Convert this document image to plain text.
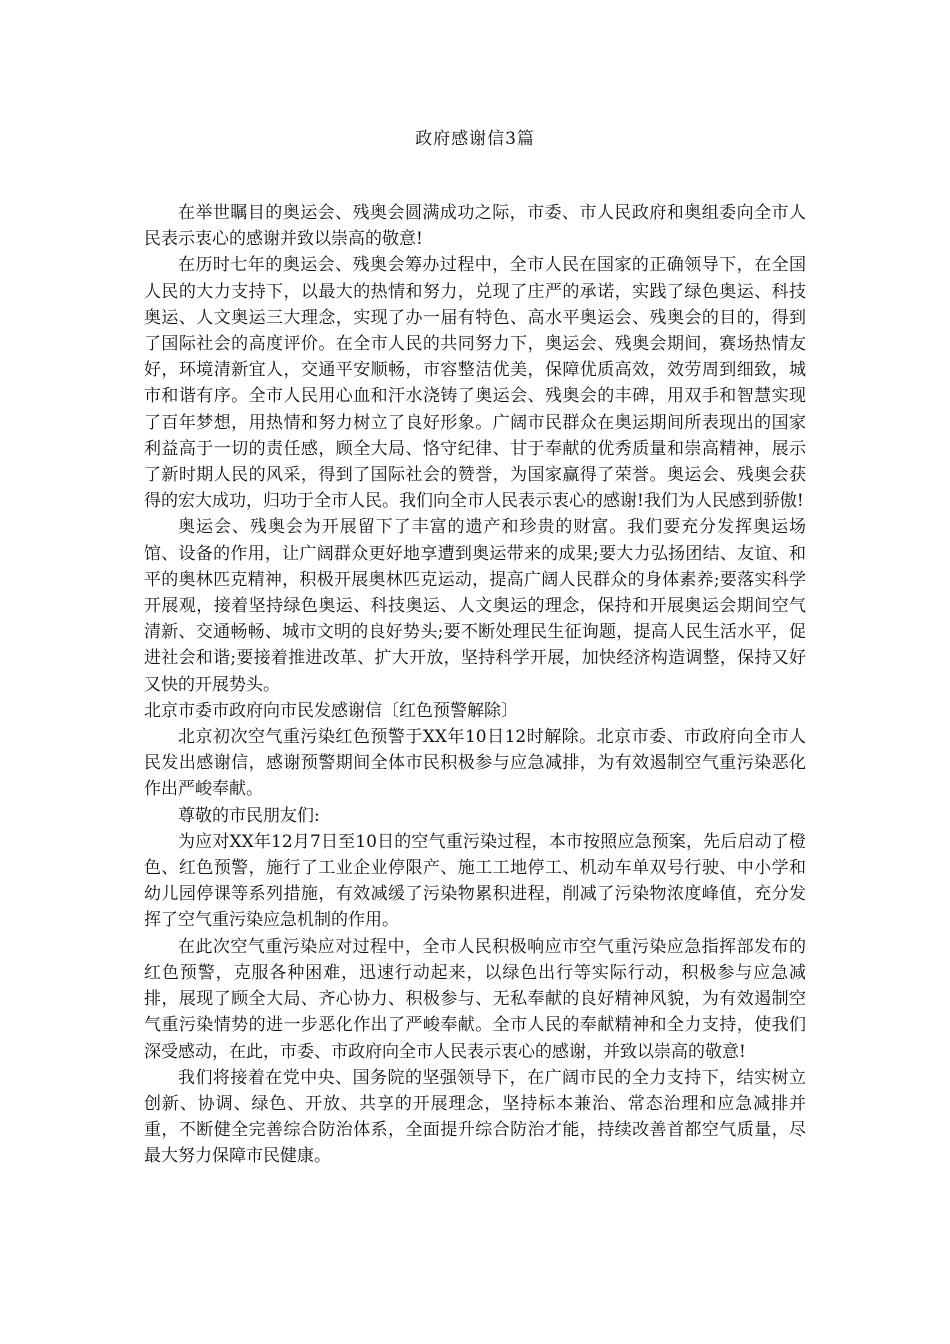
政府感谢信3篇

在举世瞩目的奥运会、残奥会圆满成功之际，市委、市人民政府和奥组委向全市人民表示衷心的感谢并致以崇高的敬意!

在历时七年的奥运会、残奥会筹办过程中，全市人民在国家的正确领导下，在全国人民的大力支持下，以最大的热情和努力，兑现了庄严的承诺，实践了绿色奥运、科技奥运、人文奥运三大理念，实现了办一届有特色、高水平奥运会、残奥会的目的，得到了国际社会的高度评价。在全市人民的共同努力下，奥运会、残奥会期间，赛场热情友好，环境清新宜人，交通平安顺畅，市容整洁优美，保障优质高效，效劳周到细致，城市和谐有序。全市人民用心血和汗水浇铸了奥运会、残奥会的丰碑，用双手和智慧实现了百年梦想，用热情和努力树立了良好形象。广阔市民群众在奥运期间所表现出的国家利益高于一切的责任感，顾全大局、恪守纪律、甘于奉献的优秀质量和崇高精神，展示了新时期人民的风采，得到了国际社会的赞誉，为国家赢得了荣誉。奥运会、残奥会获得的宏大成功，归功于全市人民。我们向全市人民表示衷心的感谢!我们为人民感到骄傲!

奥运会、残奥会为开展留下了丰富的遗产和珍贵的财富。我们要充分发挥奥运场馆、设备的作用，让广阔群众更好地享遭到奥运带来的成果;要大力弘扬团结、友谊、和平的奥林匹克精神，积极开展奥林匹克运动，提高广阔人民群众的身体素养;要落实科学开展观，接着坚持绿色奥运、科技奥运、人文奥运的理念，保持和开展奥运会期间空气清新、交通畅畅、城市文明的良好势头;要不断处理民生征询题，提高人民生活水平，促进社会和谐;要接着推进改革、扩大开放，坚持科学开展，加快经济构造调整，保持又好又快的开展势头。

北京市委市政府向市民发感谢信〔红色预警解除〕

北京初次空气重污染红色预警于XX年10日12时解除。北京市委、市政府向全市人民发出感谢信，感谢预警期间全体市民积极参与应急减排，为有效遏制空气重污染恶化作出严峻奉献。

尊敬的市民朋友们:

为应对XX年12月7日至10日的空气重污染过程，本市按照应急预案，先后启动了橙色、红色预警，施行了工业企业停限产、施工工地停工、机动车单双号行驶、中小学和幼儿园停课等系列措施，有效减缓了污染物累积进程，削减了污染物浓度峰值，充分发挥了空气重污染应急机制的作用。

在此次空气重污染应对过程中，全市人民积极响应市空气重污染应急指挥部发布的红色预警，克服各种困难，迅速行动起来，以绿色出行等实际行动，积极参与应急减排，展现了顾全大局、齐心协力、积极参与、无私奉献的良好精神风貌，为有效遏制空气重污染情势的进一步恶化作出了严峻奉献。全市人民的奉献精神和全力支持，使我们深受感动，在此，市委、市政府向全市人民表示衷心的感谢，并致以崇高的敬意!

我们将接着在党中央、国务院的坚强领导下，在广阔市民的全力支持下，结实树立创新、协调、绿色、开放、共享的开展理念，坚持标本兼治、常态治理和应急减排并重，不断健全完善综合防治体系，全面提升综合防治才能，持续改善首都空气质量，尽最大努力保障市民健康。
